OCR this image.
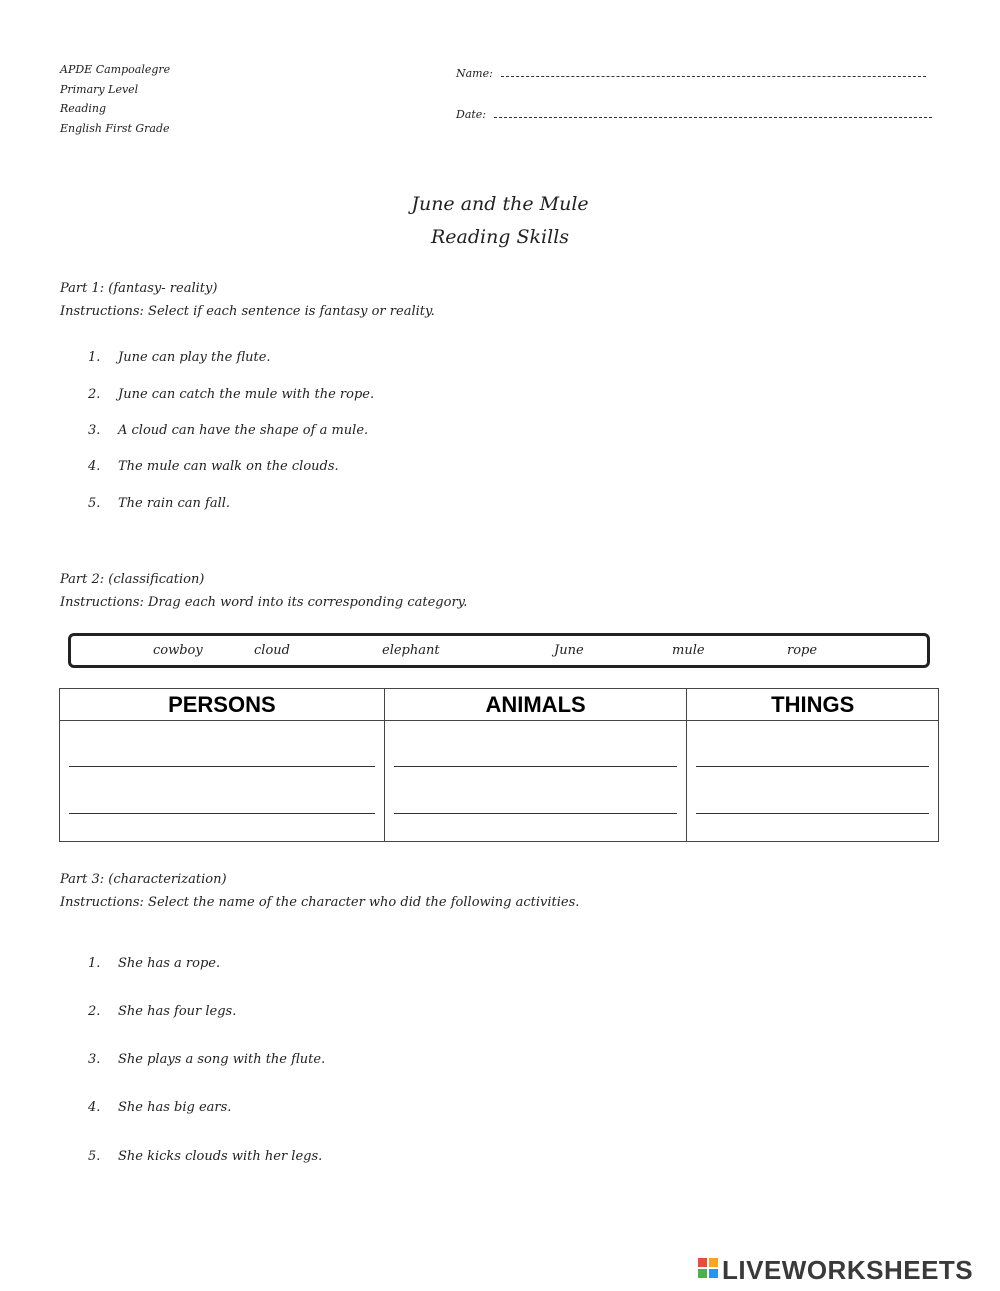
APDE Campoalegre
Primary Level
Reading
English First Grade
Name:
Date:
June and the Mule
Reading Skills
Part 1: (fantasy- reality)
Instructions: Select if each sentence is fantasy or reality.
1. June can play the flute.
2. June can catch the mule with the rope.
3. A cloud can have the shape of a mule.
4. The mule can walk on the clouds.
5. The rain can fall.
Part 2: (classification)
Instructions: Drag each word into its corresponding category.
cowboy	cloud	elephant	June	mule	rope
PERSONS	ANIMALS	THINGS

Part 3: (characterization)
Instructions: Select the name of the character who did the following activities.
1. She has a rope.
2. She has four legs.
3. She plays a song with the flute.
4. She has big ears.
5. She kicks clouds with her legs.
LIVEWORKSHEETS
